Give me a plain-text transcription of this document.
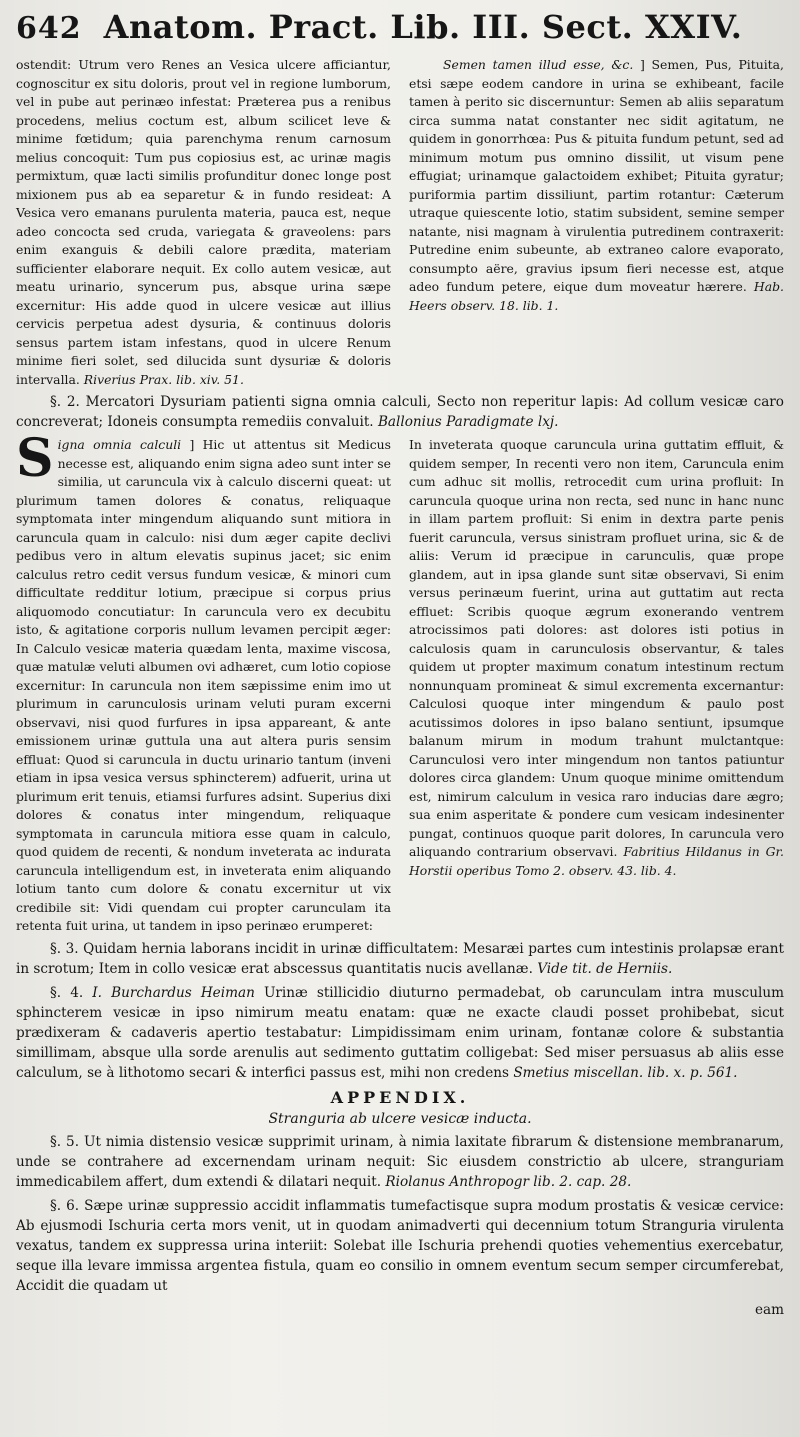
642 Anatom. Pract. Lib. III. Sect. XXIV.

ostendit: Utrum vero Renes an Vesica ulcere afficiantur, cognoscitur ex situ doloris, prout vel in regione lumborum, vel in pube aut perinæo infestat: Præterea pus a renibus procedens, melius coctum est, album scilicet leve & minime fœtidum; quia parenchyma renum carnosum melius concoquit: Tum pus copiosius est, ac urinæ magis permixtum, quæ lacti similis profunditur donec longe post mixionem pus ab ea separetur & in fundo resideat: A Vesica vero emanans purulenta materia, pauca est, neque adeo concocta sed cruda, variegata & graveolens: pars enim exanguis & debili calore prædita, materiam sufficienter elaborare nequit. Ex collo autem vesicæ, aut meatu urinario, syncerum pus, absque urina sæpe excernitur: His adde quod in ulcere vesicæ aut illius cervicis perpetua adest dysuria, & continuus doloris sensus partem istam infestans, quod in ulcere Renum minime fieri solet, sed dilucida sunt dysuriæ & doloris intervalla. Riverius Prax. lib. xiv. 51.

Semen tamen illud esse, &c. ] Semen, Pus, Pituita, etsi sæpe eodem candore in urina se exhibeant, facile tamen à perito sic discernuntur: Semen ab aliis separatum circa summa natat constanter nec sidit agitatum, ne quidem in gonorrhœa: Pus & pituita fundum petunt, sed ad minimum motum pus omnino dissilit, ut visum pene effugiat; urinamque galactoidem exhibet; Pituita gyratur; puriformia partim dissiliunt, partim rotantur: Cæterum utraque quiescente lotio, statim subsident, semine semper natante, nisi magnam à virulentia putredinem contraxerit: Putredine enim subeunte, ab extraneo calore evaporato, consumpto aëre, gravius ipsum fieri necesse est, atque adeo fundum petere, eique dum moveatur hærere. Hab. Heers observ. 18. lib. 1.

§. 2. Mercatori Dysuriam patienti signa omnia calculi, Secto non reperitur lapis: Ad collum vesicæ caro concreverat; Idoneis consumpta remediis convaluit. Ballonius Paradigmate lxj.

Signa omnia calculi ] Hic ut attentus sit Medicus necesse est, aliquando enim signa adeo sunt inter se similia, ut caruncula vix à calculo discerni queat: ut plurimum tamen dolores & conatus, reliquaque symptomata inter mingendum aliquando sunt mitiora in caruncula quam in calculo: nisi dum æger capite declivi pedibus vero in altum elevatis supinus jacet; sic enim calculus retro cedit versus fundum vesicæ, & minori cum difficultate redditur lotium, præcipue si corpus prius aliquomodo concutiatur: In caruncula vero ex decubitu isto, & agitatione corporis nullum levamen percipit æger: In Calculo vesicæ materia quædam lenta, maxime viscosa, quæ matulæ veluti albumen ovi adhæret, cum lotio copiose excernitur: In caruncula non item sæpissime enim imo ut plurimum in carunculosis urinam veluti puram excerni observavi, nisi quod furfures in ipsa appareant, & ante emissionem urinæ guttula una aut altera puris sensim effluat: Quod si caruncula in ductu urinario tantum (inveni etiam in ipsa vesica versus sphincterem) adfuerit, urina ut plurimum erit tenuis, etiamsi furfures adsint. Superius dixi dolores & conatus inter mingendum, reliquaque symptomata in caruncula mitiora esse quam in calculo, quod quidem de recenti, & nondum inveterata ac indurata caruncula intelligendum est, in inveterata enim aliquando lotium tanto cum dolore & conatu excernitur ut vix credibile sit: Vidi quendam cui propter carunculam ita retenta fuit urina, ut tandem in ipso perinæo erumperet:

In inveterata quoque caruncula urina guttatim effluit, & quidem semper, In recenti vero non item, Caruncula enim cum adhuc sit mollis, retrocedit cum urina profluit: In caruncula quoque urina non recta, sed nunc in hanc nunc in illam partem profluit: Si enim in dextra parte penis fuerit caruncula, versus sinistram profluet urina, sic & de aliis: Verum id præcipue in carunculis, quæ prope glandem, aut in ipsa glande sunt sitæ observavi, Si enim versus perinæum fuerint, urina aut guttatim aut recta effluet: Scribis quoque ægrum exonerando ventrem atrocissimos pati dolores: ast dolores isti potius in calculosis quam in carunculosis observantur, & tales quidem ut propter maximum conatum intestinum rectum nonnunquam promineat & simul excrementa excernantur: Calculosi quoque inter mingendum & paulo post acutissimos dolores in ipso balano sentiunt, ipsumque balanum mirum in modum trahunt mulctantque: Carunculosi vero inter mingendum non tantos patiuntur dolores circa glandem: Unum quoque minime omittendum est, nimirum calculum in vesica raro inducias dare ægro; sua enim asperitate & pondere cum vesicam indesinenter pungat, continuos quoque parit dolores, In caruncula vero aliquando contrarium observavi. Fabritius Hildanus in Gr. Horstii operibus Tomo 2. observ. 43. lib. 4.

§. 3. Quidam hernia laborans incidit in urinæ difficultatem: Mesaræi partes cum intestinis prolapsæ erant in scrotum; Item in collo vesicæ erat abscessus quantitatis nucis avellanæ. Vide tit. de Herniis.

§. 4. I. Burchardus Heiman Urinæ stillicidio diuturno permadebat, ob carunculam intra musculum sphincterem vesicæ in ipso nimirum meatu enatam: quæ ne exacte claudi posset prohibebat, sicut prædixeram & cadaveris apertio testabatur: Limpidissimam enim urinam, fontanæ colore & substantia simillimam, absque ulla sorde arenulis aut sedimento guttatim colligebat: Sed miser persuasus ab aliis esse calculum, se à lithotomo secari & interfici passus est, mihi non credens Smetius miscellan. lib. x. p. 561.

APPENDIX.
Stranguria ab ulcere vesicæ inducta.

§. 5. Ut nimia distensio vesicæ supprimit urinam, à nimia laxitate fibrarum & distensione membranarum, unde se contrahere ad excernendam urinam nequit: Sic eiusdem constrictio ab ulcere, stranguriam immedicabilem affert, dum extendi & dilatari nequit. Riolanus Anthropogr lib. 2. cap. 28.

§. 6. Sæpe urinæ suppressio accidit inflammatis tumefactisque supra modum prostatis & vesicæ cervice: Ab ejusmodi Ischuria certa mors venit, ut in quodam animadverti qui decennium totum Stranguria virulenta vexatus, tandem ex suppressa urina interiit: Solebat ille Ischuria prehendi quoties vehementius exercebatur, seque illa levare immissa argentea fistula, quam eo consilio in omnem eventum secum semper circumferebat, Accidit die quadam ut

eam
